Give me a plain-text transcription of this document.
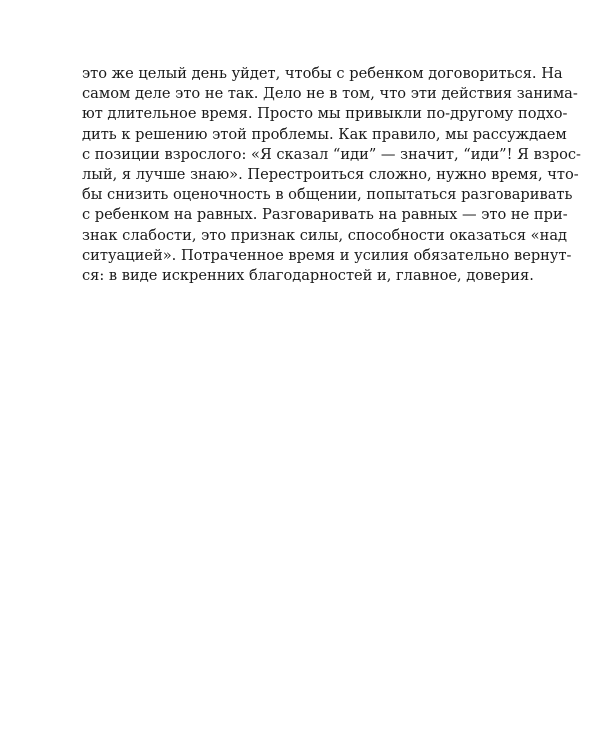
это же целый день уйдет, чтобы с ребенком договориться. На
самом деле это не так. Дело не в том, что эти действия занима-
ют длительное время. Просто мы привыкли по-другому подхо-
дить к решению этой проблемы. Как правило, мы рассуждаем
с позиции взрослого: «Я сказал “иди” — значит, “иди”! Я взрос-
лый, я лучше знаю». Перестроиться сложно, нужно время, что-
бы снизить оценочность в общении, попытаться разговаривать
с ребенком на равных. Разговаривать на равных — это не при-
знак слабости, это признак силы, способности оказаться «над
ситуацией». Потраченное время и усилия обязательно вернут-
ся: в виде искренних благодарностей и, главное, доверия.
